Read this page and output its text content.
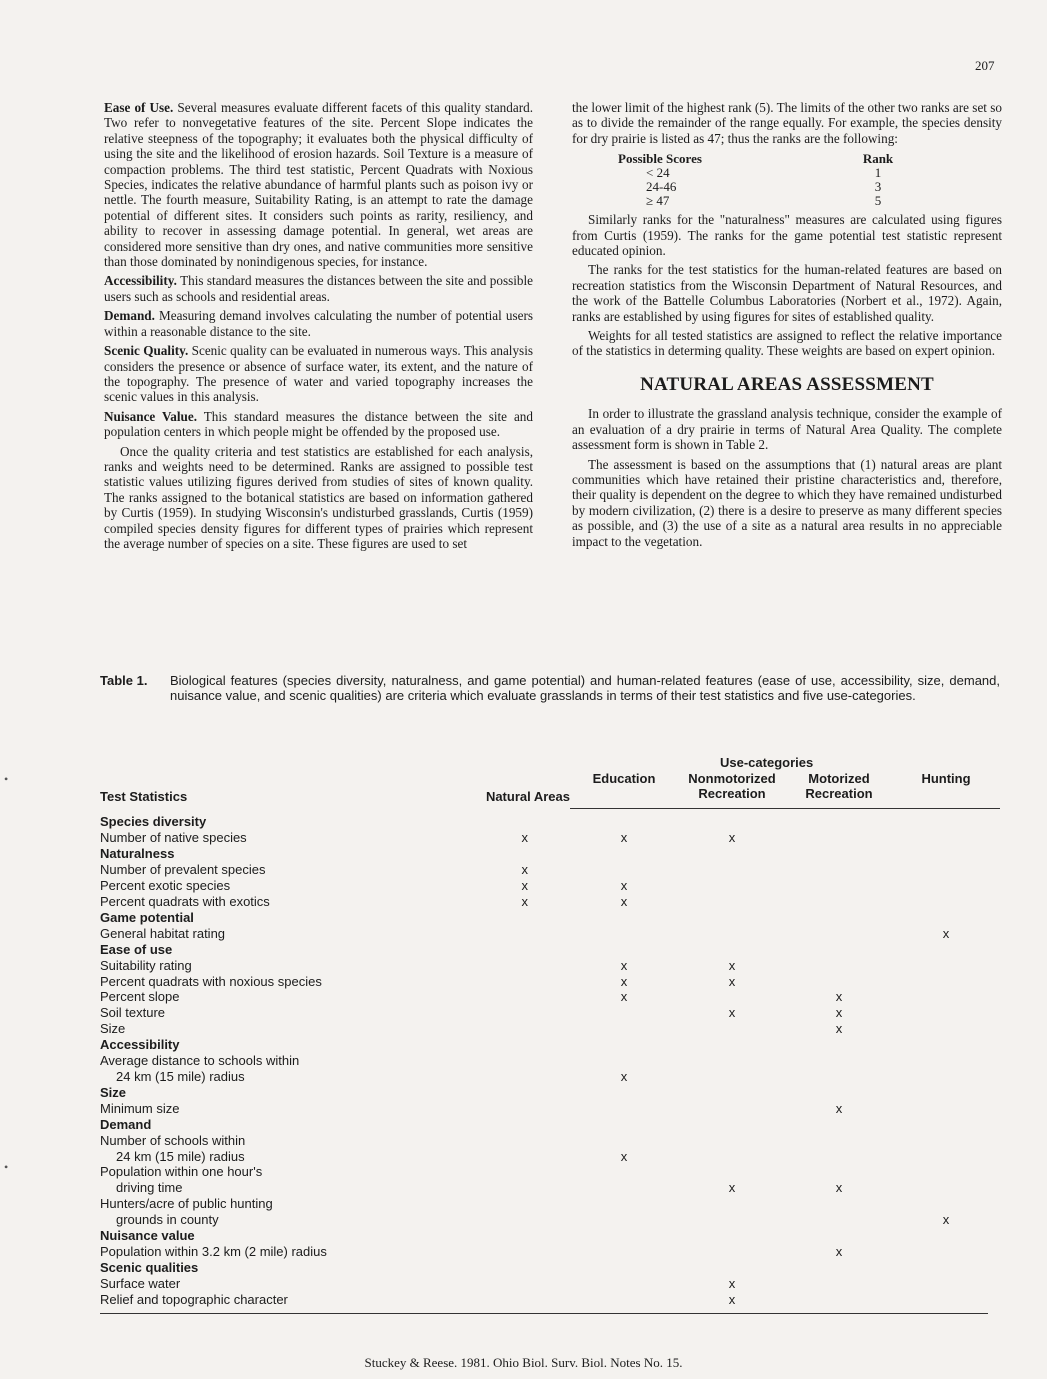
207

Ease of Use. Several measures evaluate different facets of this quality standard. Two refer to nonvegetative features of the site. Percent Slope indicates the relative steepness of the topography; it evaluates both the physical difficulty of using the site and the likelihood of erosion hazards. Soil Texture is a measure of compaction problems. The third test statistic, Percent Quadrats with Noxious Species, indicates the relative abundance of harmful plants such as poison ivy or nettle. The fourth measure, Suitability Rating, is an attempt to rate the damage potential of different sites. It considers such points as rarity, resiliency, and ability to recover in assessing damage potential. In general, wet areas are considered more sensitive than dry ones, and native communities more sensitive than those dominated by nonindigenous species, for instance.

Accessibility. This standard measures the distances between the site and possible users such as schools and residential areas.

Demand. Measuring demand involves calculating the number of potential users within a reasonable distance to the site.

Scenic Quality. Scenic quality can be evaluated in numerous ways. This analysis considers the presence or absence of surface water, its extent, and the nature of the topography. The presence of water and varied topography increases the scenic values in this analysis.

Nuisance Value. This standard measures the distance between the site and population centers in which people might be offended by the proposed use.

Once the quality criteria and test statistics are established for each analysis, ranks and weights need to be determined. Ranks are assigned to possible test statistic values utilizing figures derived from studies of sites of known quality. The ranks assigned to the botanical statistics are based on information gathered by Curtis (1959). In studying Wisconsin's undisturbed grasslands, Curtis (1959) compiled species density figures for different types of prairies which represent the average number of species on a site. These figures are used to set

the lower limit of the highest rank (5). The limits of the other two ranks are set so as to divide the remainder of the range equally. For example, the species density for dry prairie is listed as 47; thus the ranks are the following:

Possible Scores	Rank
< 24	1
24-46	3
≥ 47	5

Similarly ranks for the "naturalness" measures are calculated using figures from Curtis (1959). The ranks for the game potential test statistic represent educated opinion.

The ranks for the test statistics for the human-related features are based on recreation statistics from the Wisconsin Department of Natural Resources, and the work of the Battelle Columbus Laboratories (Norbert et al., 1972). Again, ranks are established by using figures for sites of established quality.

Weights for all tested statistics are assigned to reflect the relative importance of the statistics in determing quality. These weights are based on expert opinion.

NATURAL AREAS ASSESSMENT

In order to illustrate the grassland analysis technique, consider the example of an evaluation of a dry prairie in terms of Natural Area Quality. The complete assessment form is shown in Table 2.

The assessment is based on the assumptions that (1) natural areas are plant communities which have retained their pristine characteristics and, therefore, their quality is dependent on the degree to which they have remained undisturbed by modern civilization, (2) there is a desire to preserve as many different species as possible, and (3) the use of a site as a natural area results in no appreciable impact to the vegetation.

Table 1. Biological features (species diversity, naturalness, and game potential) and human-related features (ease of use, accessibility, size, demand, nuisance value, and scenic qualities) are criteria which evaluate grasslands in terms of their test statistics and five use-categories.
Test Statistics	Natural Areas		Use-categories		
		Education	Nonmotorized Recreation	Motorized Recreation	Hunting
Species diversity					
Number of native species	x	x	x		
Naturalness					
Number of prevalent species	x				
Percent exotic species	x	x			
Percent quadrats with exotics	x	x			
Game potential					
General habitat rating					x
Ease of use					
Suitability rating		x	x		
Percent quadrats with noxious species		x	x		
Percent slope		x		x	
Soil texture			x	x	
Size				x	
Accessibility					
Average distance to schools within					
24 km (15 mile) radius		x			
Size					
Minimum size				x	
Demand					
Number of schools within					
24 km (15 mile) radius		x			
Population within one hour's					
driving time			x	x	
Hunters/acre of public hunting					
grounds in county					x
Nuisance value					
Population within 3.2 km (2 mile) radius				x	
Scenic qualities					
Surface water			x		
Relief and topographic character			x		
•
•
Stuckey & Reese. 1981. Ohio Biol. Surv. Biol. Notes No. 15.
